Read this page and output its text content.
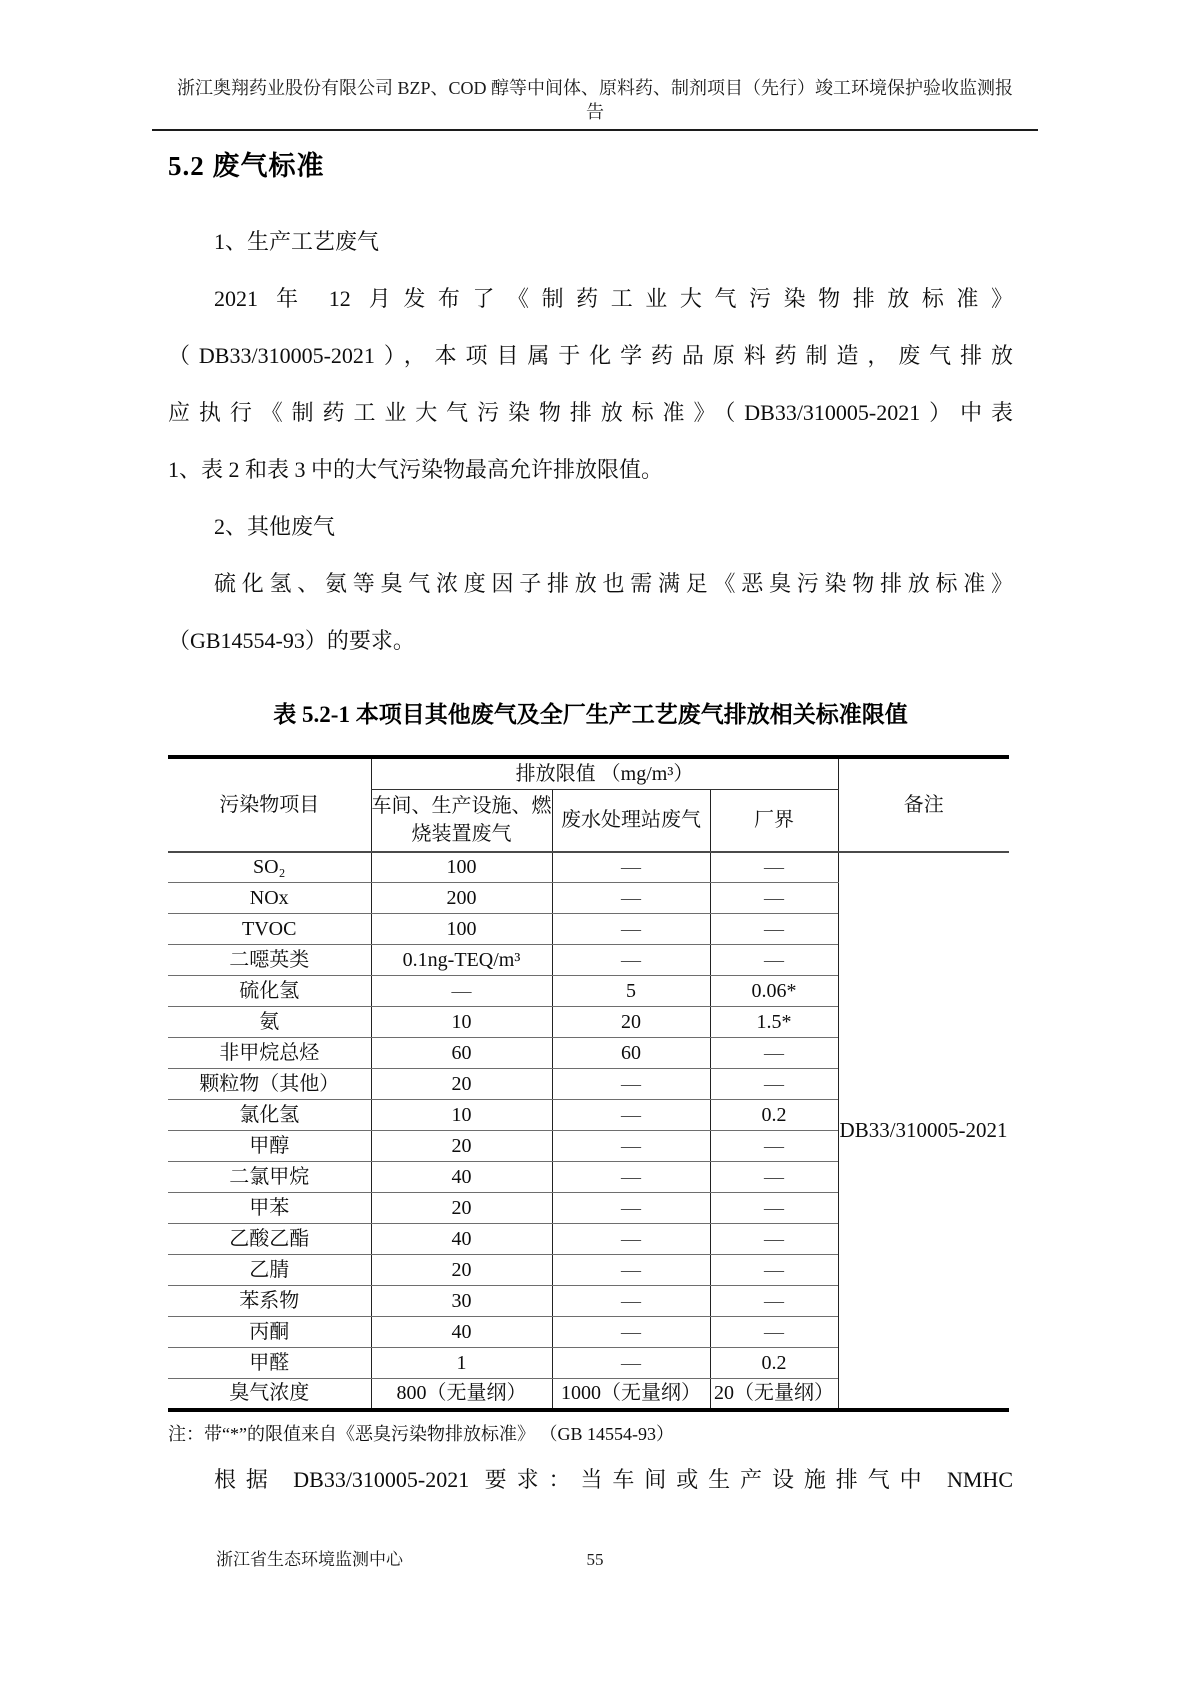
浙江奥翔药业股份有限公司 BZP、COD 醇等中间体、原料药、制剂项目（先行）竣工环境保护验收监测报
告
5.2 废气标准
1、生产工艺废气
2021 年 12 月发布了《制药工业大气污染物排放标准》
（DB33/310005-2021），本项目属于化学药品原料药制造，废气排放
应执行《制药工业大气污染物排放标准》（DB33/310005-2021）中表
1、表 2 和表 3 中的大气污染物最高允许排放限值。
2、其他废气
硫化氢、氨等臭气浓度因子排放也需满足《恶臭污染物排放标准》
（GB14554-93）的要求。
表 5.2-1 本项目其他废气及全厂生产工艺废气排放相关标准限值
污染物项目	排放限值 （mg/m³）			备注
	车间、生产设施、燃烧装置废气	废水处理站废气	厂界	
SO₂	100	—	—	DB33/310005-2021
NOx	200	—	—	
TVOC	100	—	—	
二噁英类	0.1ng-TEQ/m³	—	—	
硫化氢	—	5	0.06*	
氨	10	20	1.5*	
非甲烷总烃	60	60	—	
颗粒物（其他）	20	—	—	
氯化氢	10	—	0.2	
甲醇	20	—	—	
二氯甲烷	40	—	—	
甲苯	20	—	—	
乙酸乙酯	40	—	—	
乙腈	20	—	—	
苯系物	30	—	—	
丙酮	40	—	—	
甲醛	1	—	0.2	
臭气浓度	800（无量纲）	1000（无量纲）	20（无量纲）	
注：带“*”的限值来自《恶臭污染物排放标准》 （GB 14554-93）
根据 DB33/310005-2021 要求：当车间或生产设施排气中 NMHC
浙江省生态环境监测中心	55
